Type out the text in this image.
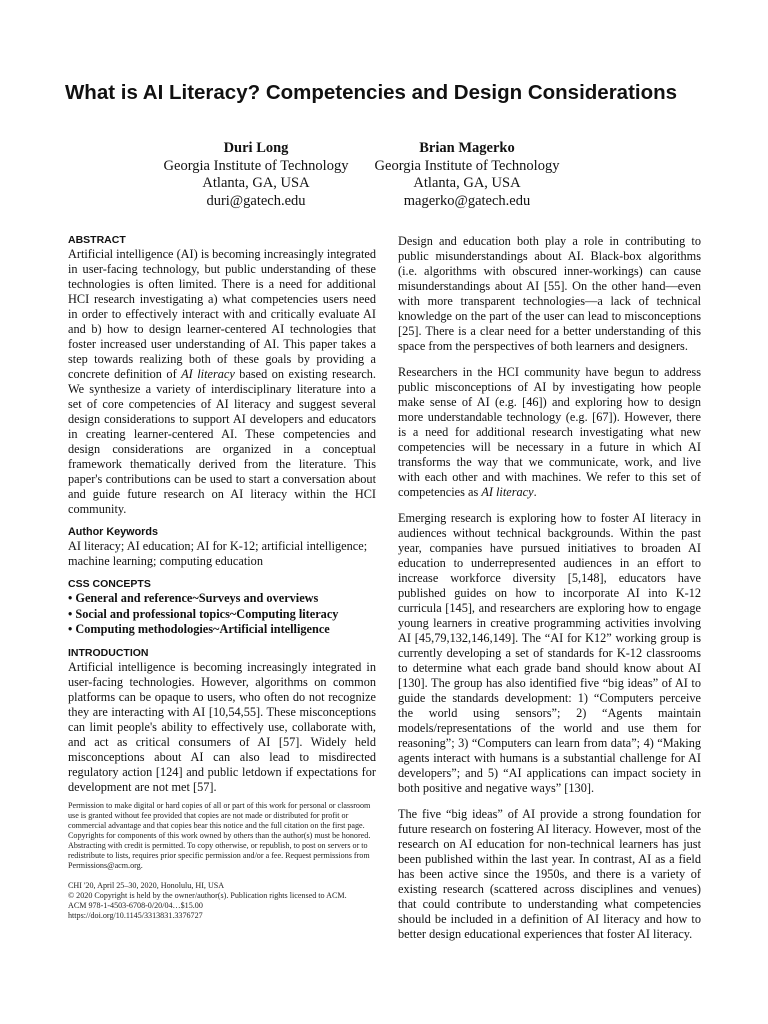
What is AI Literacy? Competencies and Design Considerations
Duri Long
Georgia Institute of Technology
Atlanta, GA, USA
duri@gatech.edu
Brian Magerko
Georgia Institute of Technology
Atlanta, GA, USA
magerko@gatech.edu
ABSTRACT

Artificial intelligence (AI) is becoming increasingly integrated in user-facing technology, but public understanding of these technologies is often limited. There is a need for additional HCI research investigating a) what competencies users need in order to effectively interact with and critically evaluate AI and b) how to design learner-centered AI technologies that foster increased user understanding of AI. This paper takes a step towards realizing both of these goals by providing a concrete definition of AI literacy based on existing research. We synthesize a variety of interdisciplinary literature into a set of core competencies of AI literacy and suggest several design considerations to support AI developers and educators in creating learner-centered AI. These competencies and design considerations are organized in a conceptual framework thematically derived from the literature. This paper's contributions can be used to start a conversation about and guide future research on AI literacy within the HCI community.

Author Keywords

AI literacy; AI education; AI for K-12; artificial intelligence; machine learning; computing education

CSS CONCEPTS
• General and reference~Surveys and overviews
• Social and professional topics~Computing literacy
• Computing methodologies~Artificial intelligence
INTRODUCTION

Artificial intelligence is becoming increasingly integrated in user-facing technologies. However, algorithms on common platforms can be opaque to users, who often do not recognize they are interacting with AI [10,54,55]. These misconceptions can limit people's ability to effectively use, collaborate with, and act as critical consumers of AI [57]. Widely held misconceptions about AI can also lead to misdirected regulatory action [124] and public letdown if expectations for development are not met [57].

Permission to make digital or hard copies of all or part of this work for personal or classroom use is granted without fee provided that copies are not made or distributed for profit or commercial advantage and that copies bear this notice and the full citation on the first page. Copyrights for components of this work owned by others than the author(s) must be honored. Abstracting with credit is permitted. To copy otherwise, or republish, to post on servers or to redistribute to lists, requires prior specific permission and/or a fee. Request permissions from Permissions@acm.org.

CHI '20, April 25–30, 2020, Honolulu, HI, USA

© 2020 Copyright is held by the owner/author(s). Publication rights licensed to ACM.

ACM 978-1-4503-6708-0/20/04…$15.00

https://doi.org/10.1145/3313831.3376727

Design and education both play a role in contributing to public misunderstandings about AI. Black-box algorithms (i.e. algorithms with obscured inner-workings) can cause misunderstandings about AI [55]. On the other hand—even with more transparent technologies—a lack of technical knowledge on the part of the user can lead to misconceptions [25]. There is a clear need for a better understanding of this space from the perspectives of both learners and designers.

Researchers in the HCI community have begun to address public misconceptions of AI by investigating how people make sense of AI (e.g. [46]) and exploring how to design more understandable technology (e.g. [67]). However, there is a need for additional research investigating what new competencies will be necessary in a future in which AI transforms the way that we communicate, work, and live with each other and with machines. We refer to this set of competencies as AI literacy.

Emerging research is exploring how to foster AI literacy in audiences without technical backgrounds. Within the past year, companies have pursued initiatives to broaden AI education to underrepresented audiences in an effort to increase workforce diversity [5,148], educators have published guides on how to incorporate AI into K-12 curricula [145], and researchers are exploring how to engage young learners in creative programming activities involving AI [45,79,132,146,149]. The “AI for K12” working group is currently developing a set of standards for K-12 classrooms to determine what each grade band should know about AI [130]. The group has also identified five “big ideas” of AI to guide the standards development: 1) “Computers perceive the world using sensors”; 2) “Agents maintain models/representations of the world and use them for reasoning”; 3) “Computers can learn from data”; 4) “Making agents interact with humans is a substantial challenge for AI developers”; and 5) “AI applications can impact society in both positive and negative ways” [130].

The five “big ideas” of AI provide a strong foundation for future research on fostering AI literacy. However, most of the research on AI education for non-technical learners has just been published within the last year. In contrast, AI as a field has been active since the 1950s, and there is a variety of existing research (scattered across disciplines and venues) that could contribute to understanding what competencies should be included in a definition of AI literacy and how to better design educational experiences that foster AI literacy.
